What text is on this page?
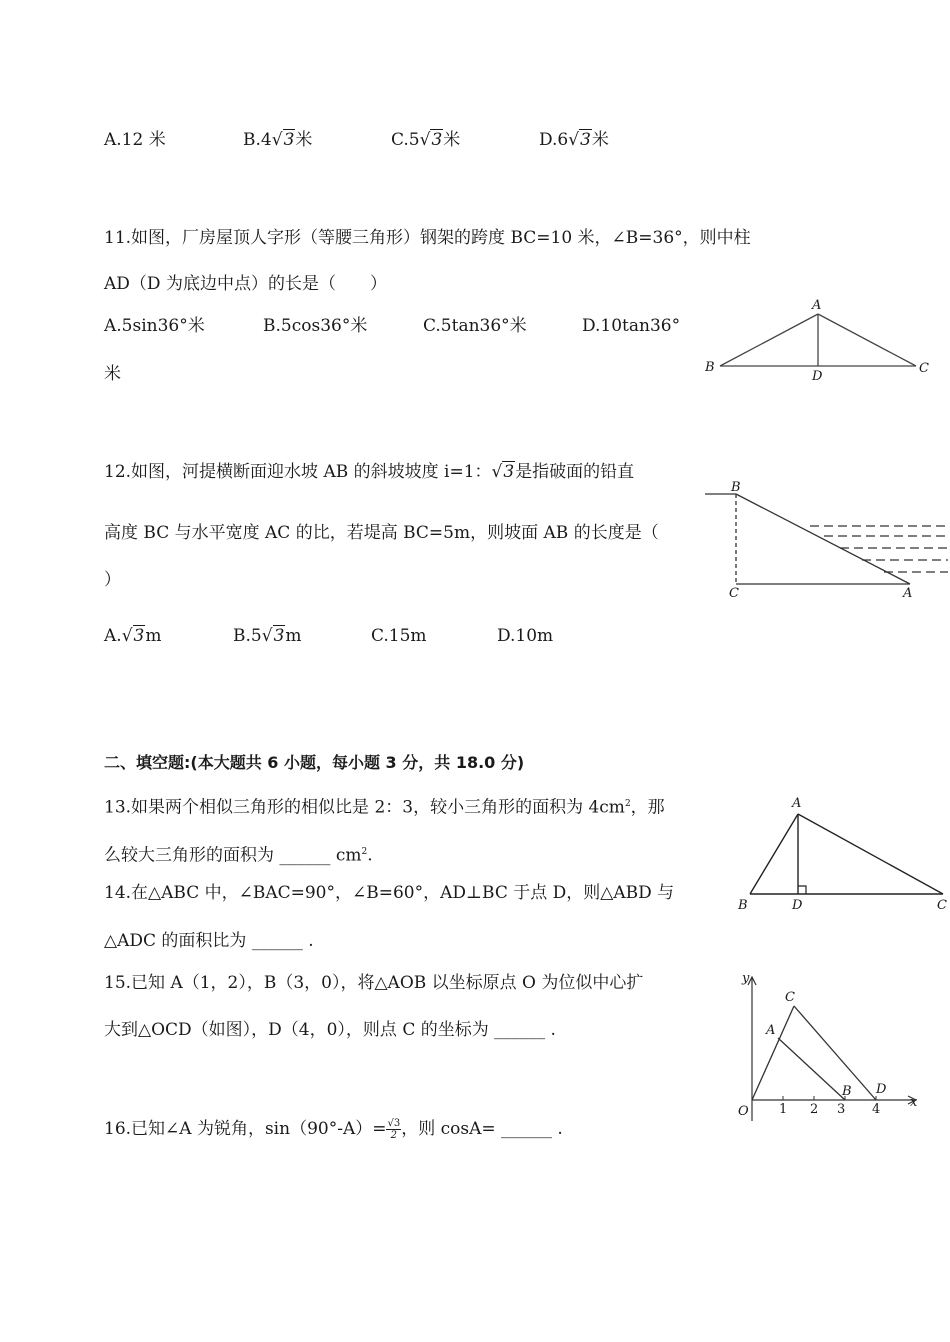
A.12 米	B.4√3米	C.5√3米	D.6√3米
11.如图，厂房屋顶人字形（等腰三角形）钢架的跨度 BC=10 米，∠B=36°，则中柱
AD（D 为底边中点）的长是（　　）
A.5sin36°米	B.5cos36°米	C.5tan36°米	D.10tan36°
米
A
B	C
D
12.如图，河提横断面迎水坡 AB 的斜坡坡度 i=1：√3是指破面的铅直
高度 BC 与水平宽度 AC 的比，若堤高 BC=5m，则坡面 AB 的长度是（
）
A.√3m	B.5√3m	C.15m	D.10m
B
C	A
二、填空题:(本大题共 6 小题，每小题 3 分，共 18.0 分)
13.如果两个相似三角形的相似比是 2：3，较小三角形的面积为 $4cm^2$，那
么较大三角形的面积为 ______ $cm^2$.
14.在△ABC 中，∠BAC=90°，∠B=60°，AD⊥BC 于点 D，则△ABD 与
△ADC 的面积比为 ______ .
A
B	D	C
15.已知 A（1，2），B（3，0），将△AOB 以坐标原点 O 为位似中心扩
大到△OCD（如图），D（4，0），则点 C 的坐标为 ______ .
y
x
O
A
C
B D
1 2 3 4
16.已知∠A 为锐角，$\sin(90^\circ-A)= \frac{√3}{2}$ ，则 cosA= ______ .
